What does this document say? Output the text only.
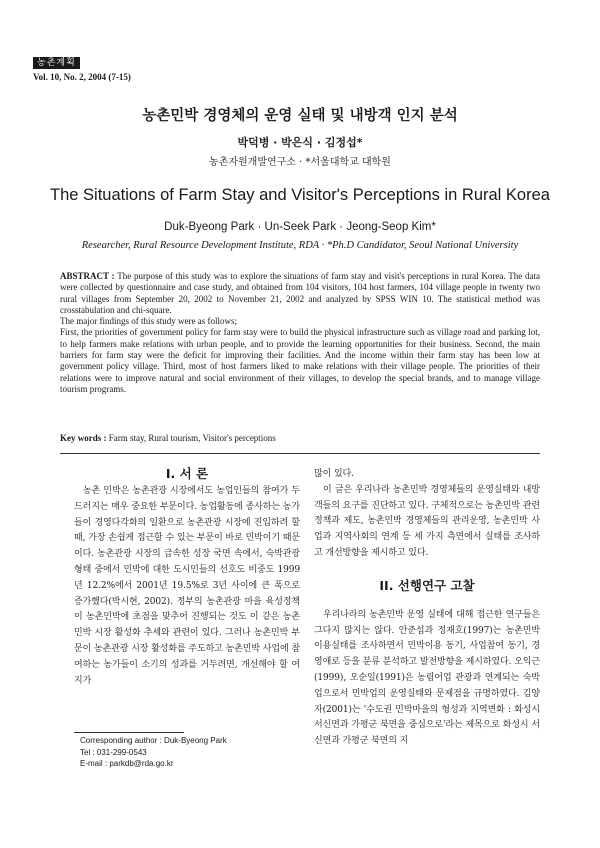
농촌계획
Vol. 10, No. 2, 2004 (7-15)
농촌민박 경영체의 운영 실태 및 내방객 인지 분석
박덕병 · 박은식 · 김정섭*
농촌자원개발연구소 · *서울대학교 대학원
The Situations of Farm Stay and Visitor's Perceptions in Rural Korea
Duk-Byeong Park · Un-Seek Park · Jeong-Seop Kim*
Researcher, Rural Resource Development Institute, RDA · *Ph.D Candidator, Seoul National University

ABSTRACT : The purpose of this study was to explore the situations of farm stay and visit's perceptions in rural Korea. The data were collected by questionnaire and case study, and obtained from 104 visitors, 104 host farmers, 104 village people in twenty two rural villages from September 20, 2002 to November 21, 2002 and analyzed by SPSS WIN 10. The statistical method was crosstabulation and chi-square.

The major findings of this study were as follows;

First, the priorities of government policy for farm stay were to build the physical infrastructure such as village road and parking lot, to help farmers make relations with urban people, and to provide the learning opportunities for their business. Second, the main barriers for farm stay were the deficit for improving their facilities. And the income within their farm stay has been low at government policy village. Third, most of host farmers liked to make relations with their village people. The priorities of their relations were to improve natural and social environment of their villages, to develop the special brands, and to manage village tourism programs.

Key words : Farm stay, Rural tourism, Visitor's perceptions
I. 서 론

농촌 민박은 농촌관광 시장에서도 농업인들의 참여가 두드러지는 매우 중요한 부문이다. 농업활동에 종사하는 농가들이 경영다각화의 일환으로 농촌관광 시장에 진입하려 할 때, 가장 손쉽게 접근할 수 있는 부문이 바로 민박이기 때문이다. 농촌관광 시장의 급속한 성장 국면 속에서, 숙박관광 형태 중에서 민박에 대한 도시민들의 선호도 비중도 1999년 12.2%에서 2001년 19.5%로 3년 사이에 큰 폭으로 증가했다(박시현, 2002). 정부의 농촌관광 마을 육성정책이 농촌민박에 초점을 맞추어 진행되는 것도 이 같은 농촌민박 시장 활성화 추세와 관련이 있다. 그러나 농촌민박 부문이 농촌관광 시장 활성화를 주도하고 농촌민박 사업에 참여하는 농가들이 소기의 성과를 거두려면, 개선해야 할 여지가

많이 있다.

이 글은 우리나라 농촌민박 경영체들의 운영실태와 내방객들의 요구를 진단하고 있다. 구체적으로는 농촌민박 관련 정책과 제도, 농촌민박 경영체들의 관리운영, 농촌민박 사업과 지역사회의 연계 등 세 가지 측면에서 실태를 조사하고 개선방향을 제시하고 있다.

II. 선행연구 고찰

우리나라의 농촌민박 운영 실태에 대해 접근한 연구들은 그다지 많지는 않다. 안준섭과 정재호(1997)는 농촌민박 이용실태를 조사하면서 민박이용 동기, 사업참여 동기, 경영애로 등을 분류 분석하고 발전방향을 제시하였다. 오익근(1999), 오순일(1991)은 농림어업 관광과 연계되는 숙박업으로서 민박업의 운영실태와 문제점을 규명하였다. 김양자(2001)는 '수도권 민박마을의 형성과 지역변화 : 화성시 서신면과 가평군 북면을 중심으로'라는 제목으로 화성시 서신면과 가평군 북면의 지

Corresponding author : Duk-Byeong Park
Tel : 031-299-0543
E-mail : parkdb@rda.go.kr
